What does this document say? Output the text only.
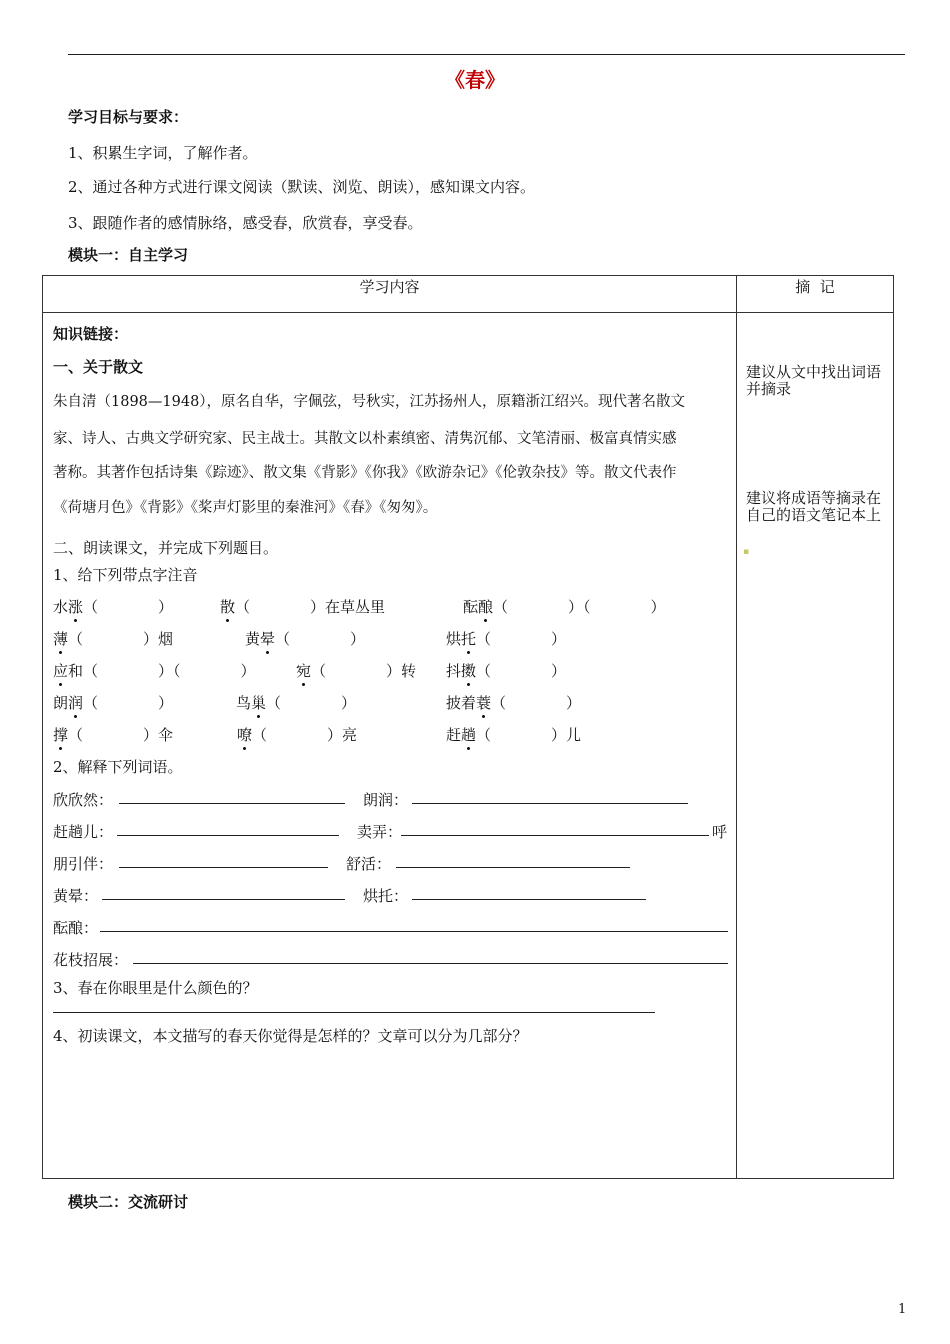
《春》
学习目标与要求：
1、积累生字词，了解作者。
2、通过各种方式进行课文阅读（默读、浏览、朗读），感知课文内容。
3、跟随作者的感情脉络，感受春，欣赏春，享受春。
模块一：自主学习
学习内容	摘  记
知识链接：
一、关于散文
朱自清（1898—1948），原名自华，字佩弦，号秋实，江苏扬州人，原籍浙江绍兴。现代著名散文
家、诗人、古典文学研究家、民主战士。其散文以朴素缜密、清隽沉郁、文笔清丽、极富真情实感
著称。其著作包括诗集《踪迹》、散文集《背影》《你我》《欧游杂记》《伦敦杂技》等。散文代表作
《荷塘月色》《背影》《桨声灯影里的秦淮河》《春》《匆匆》。
二、朗读课文，并完成下列题目。
1、给下列带点字注音
水涨（　　　　）	散（　　　　）在草丛里	酝酿（　　　　）（　　　　）
薄（　　　　）烟	黄晕（　　　　）	烘托（　　　　）
应和（　　　　）（　　　　）	宛（　　　　）转 抖擞（　　　　）
朗润（　　　　）	鸟巢（　　　　）	披着蓑（　　　　）
撑（　　　　）伞	嘹（　　　　）亮	赶趟（　　　　）儿
2、解释下列词语。
欣欣然：	朗润：
赶趟儿：	卖弄：	呼
朋引伴：	舒活：
黄晕：	烘托：
酝酿：
花枝招展：
3、春在你眼里是什么颜色的？
4、初读课文，本文描写的春天你觉得是怎样的？文章可以分为几部分？
建议从文中找出词语并摘录
建议将成语等摘录在自己的语文笔记本上
▪
模块二：交流研讨
1
